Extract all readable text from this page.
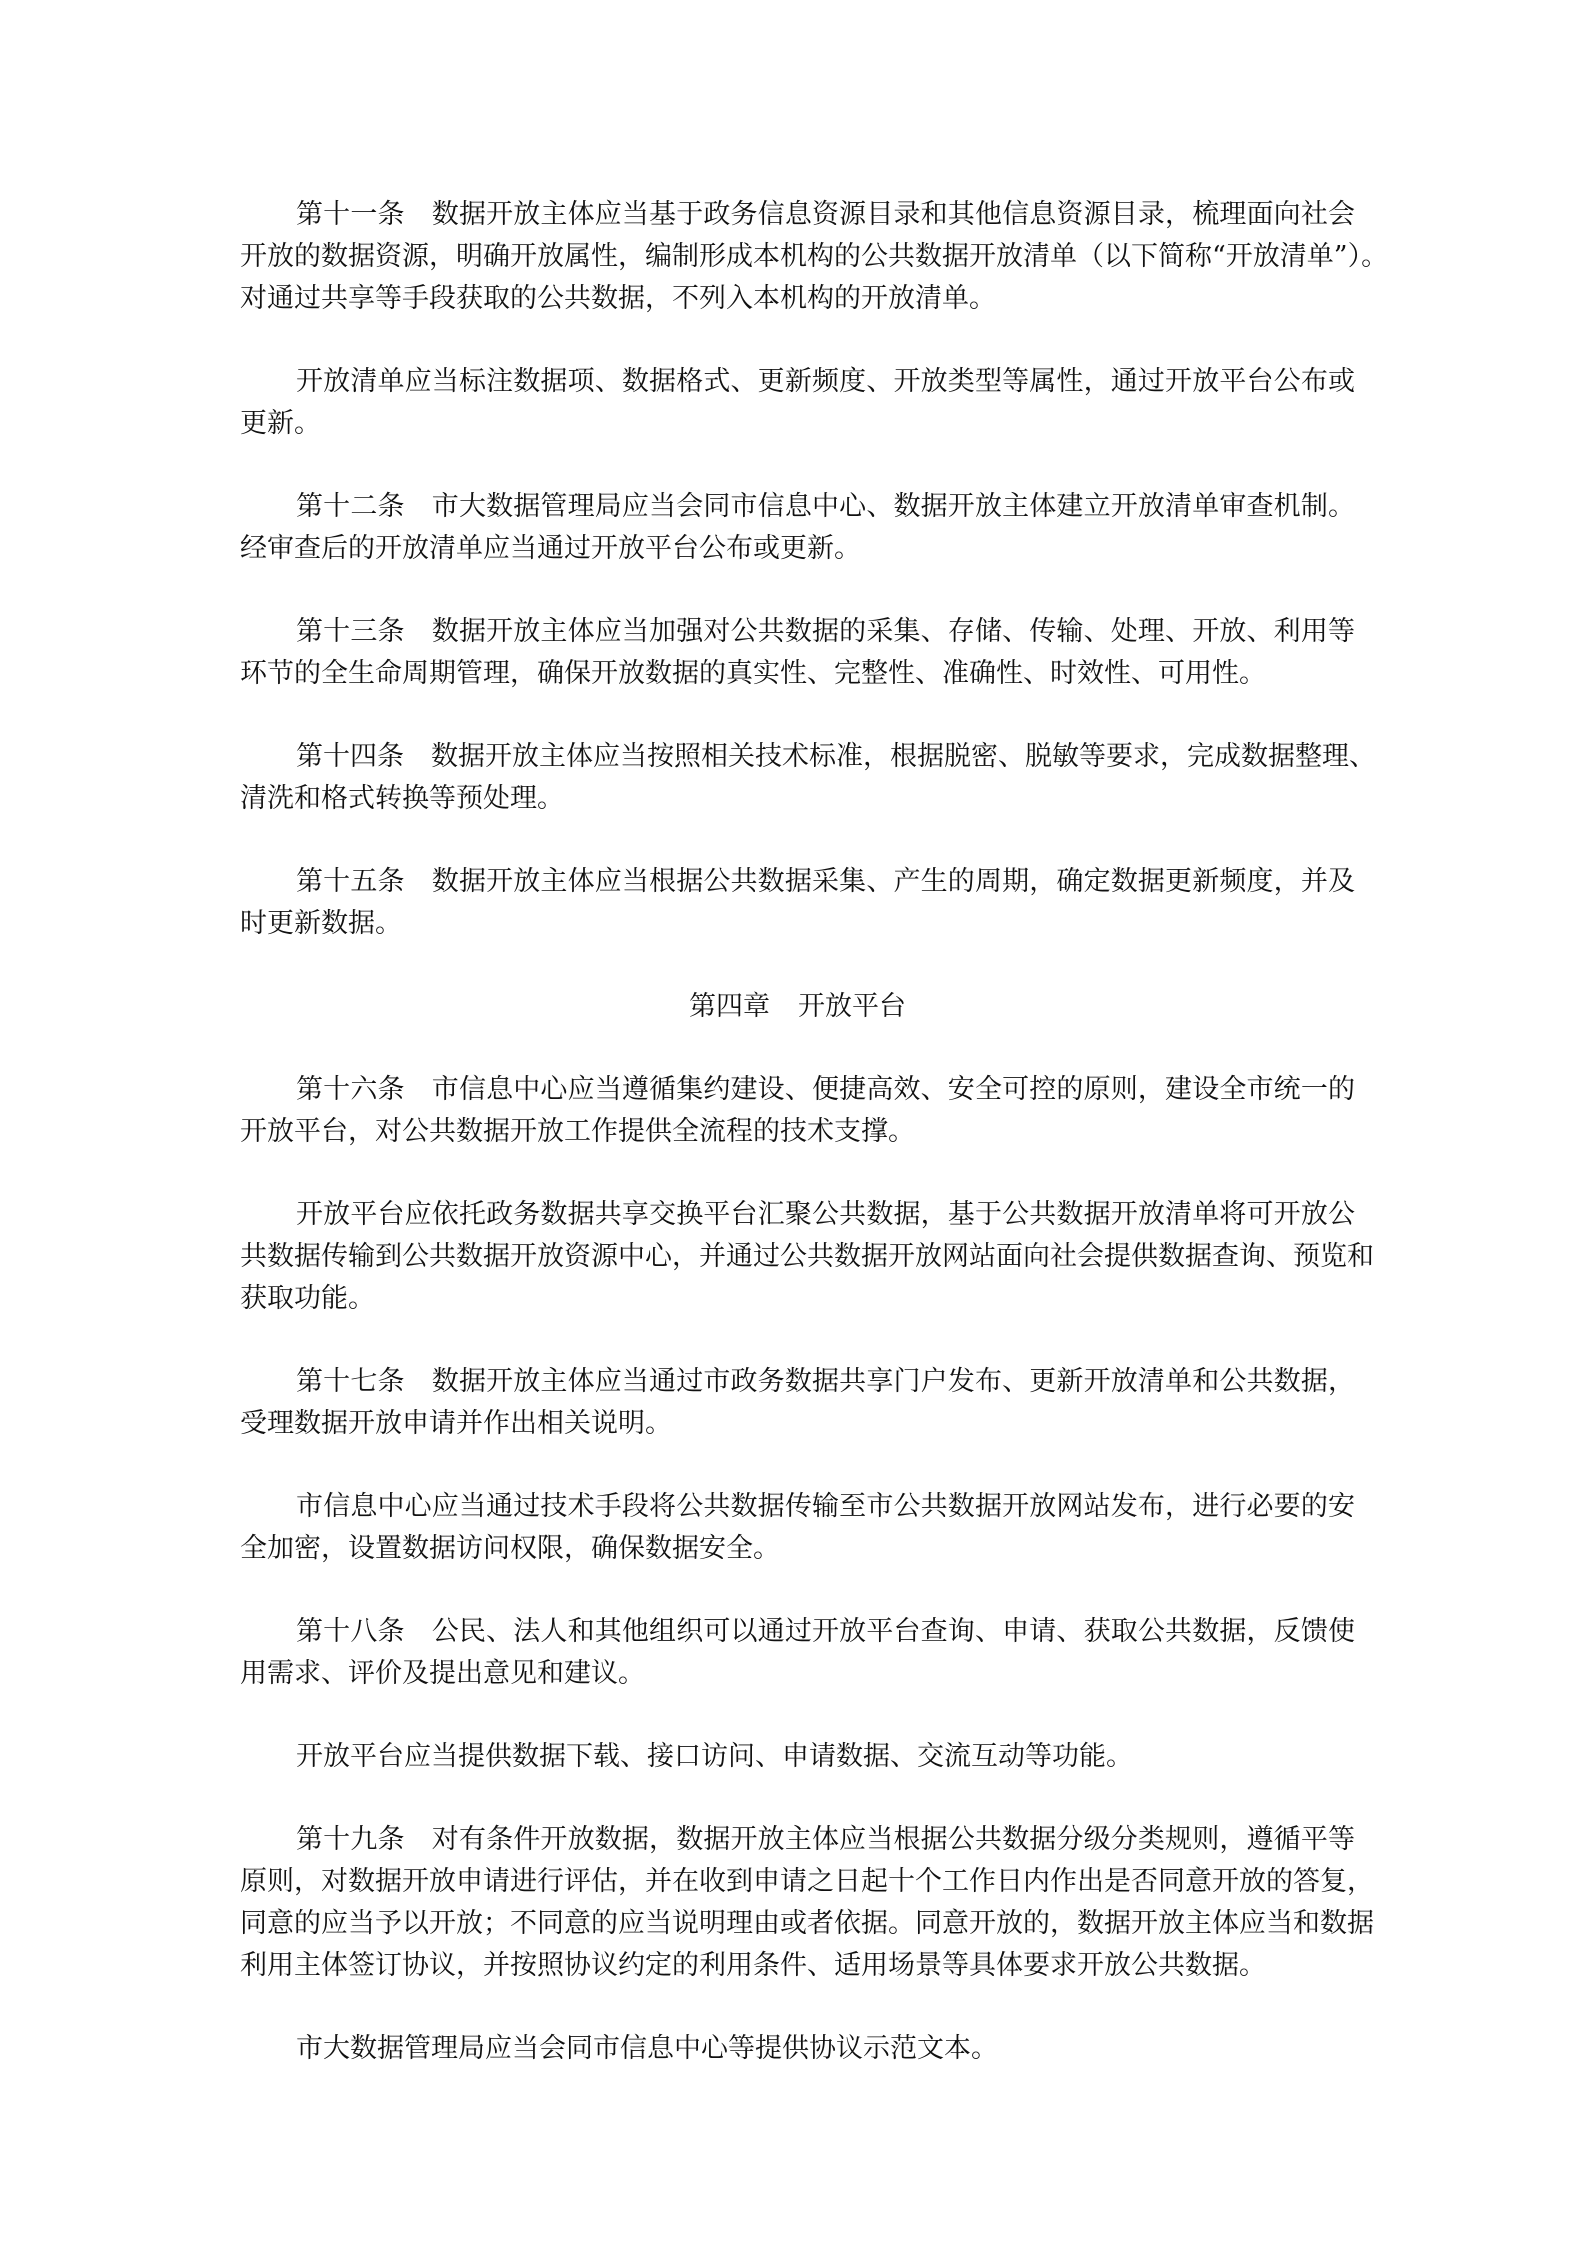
第十一条　数据开放主体应当基于政务信息资源目录和其他信息资源目录，梳理面向社会
开放的数据资源，明确开放属性，编制形成本机构的公共数据开放清单（以下简称“开放清单”）。
对通过共享等手段获取的公共数据，不列入本机构的开放清单。
开放清单应当标注数据项、数据格式、更新频度、开放类型等属性，通过开放平台公布或
更新。
第十二条　市大数据管理局应当会同市信息中心、数据开放主体建立开放清单审查机制。
经审查后的开放清单应当通过开放平台公布或更新。
第十三条　数据开放主体应当加强对公共数据的采集、存储、传输、处理、开放、利用等
环节的全生命周期管理，确保开放数据的真实性、完整性、准确性、时效性、可用性。
第十四条　数据开放主体应当按照相关技术标准，根据脱密、脱敏等要求，完成数据整理、
清洗和格式转换等预处理。
第十五条　数据开放主体应当根据公共数据采集、产生的周期，确定数据更新频度，并及
时更新数据。
第四章 开放平台
第十六条　市信息中心应当遵循集约建设、便捷高效、安全可控的原则，建设全市统一的
开放平台，对公共数据开放工作提供全流程的技术支撑。
开放平台应依托政务数据共享交换平台汇聚公共数据，基于公共数据开放清单将可开放公
共数据传输到公共数据开放资源中心，并通过公共数据开放网站面向社会提供数据查询、预览和
获取功能。
第十七条　数据开放主体应当通过市政务数据共享门户发布、更新开放清单和公共数据，
受理数据开放申请并作出相关说明。
市信息中心应当通过技术手段将公共数据传输至市公共数据开放网站发布，进行必要的安
全加密，设置数据访问权限，确保数据安全。
第十八条　公民、法人和其他组织可以通过开放平台查询、申请、获取公共数据，反馈使
用需求、评价及提出意见和建议。
开放平台应当提供数据下载、接口访问、申请数据、交流互动等功能。
第十九条　对有条件开放数据，数据开放主体应当根据公共数据分级分类规则，遵循平等
原则，对数据开放申请进行评估，并在收到申请之日起十个工作日内作出是否同意开放的答复，
同意的应当予以开放；不同意的应当说明理由或者依据。同意开放的，数据开放主体应当和数据
利用主体签订协议，并按照协议约定的利用条件、适用场景等具体要求开放公共数据。
市大数据管理局应当会同市信息中心等提供协议示范文本。
